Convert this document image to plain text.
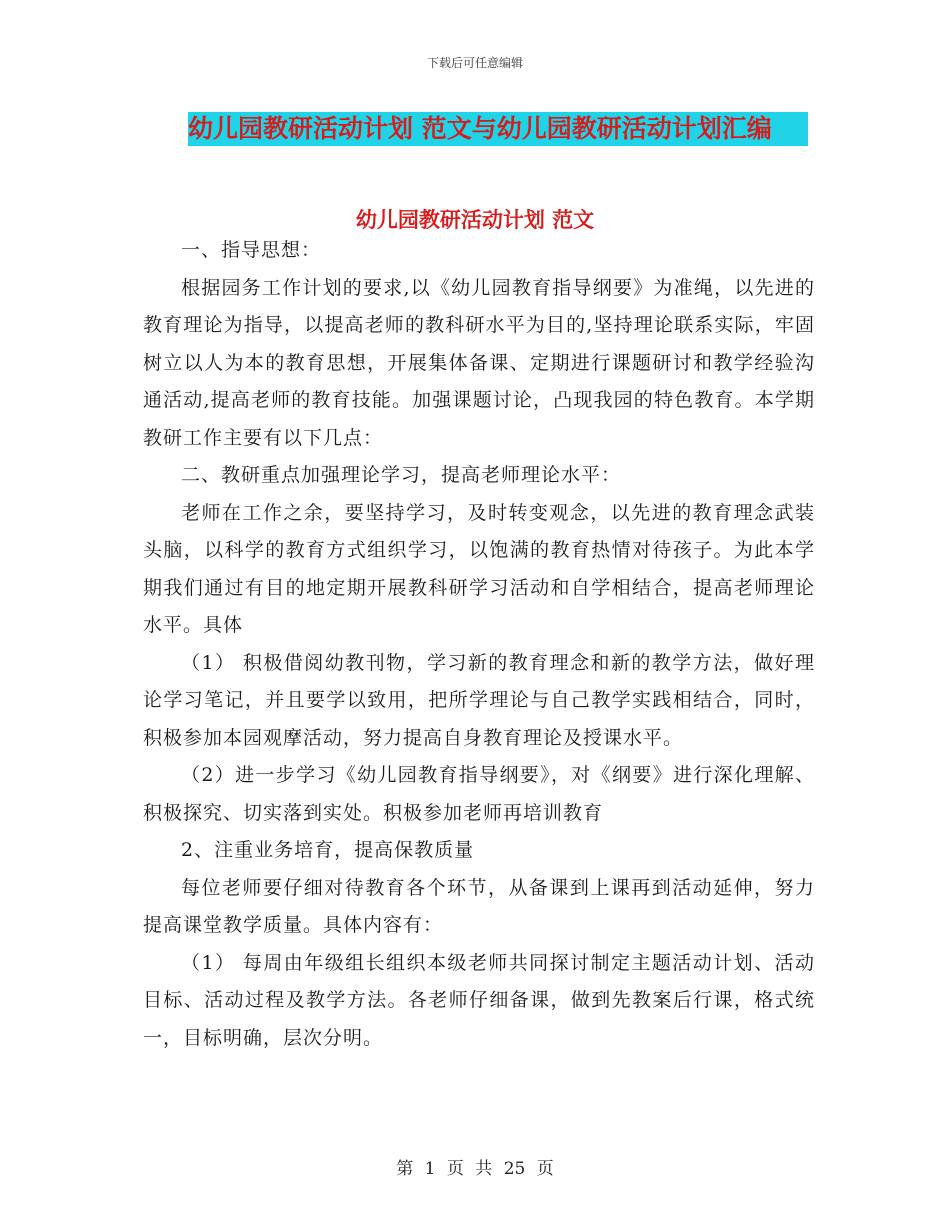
下载后可任意编辑
幼儿园教研活动计划 范文与幼儿园教研活动计划汇编
幼儿园教研活动计划 范文

一、指导思想：

根据园务工作计划的要求,以《幼儿园教育指导纲要》为准绳，以先进的教育理论为指导，以提高老师的教科研水平为目的,坚持理论联系实际，牢固树立以人为本的教育思想，开展集体备课、定期进行课题研讨和教学经验沟通活动,提高老师的教育技能。加强课题讨论，凸现我园的特色教育。本学期教研工作主要有以下几点：

二、教研重点加强理论学习，提高老师理论水平：

老师在工作之余，要坚持学习，及时转变观念，以先进的教育理念武装头脑，以科学的教育方式组织学习，以饱满的教育热情对待孩子。为此本学期我们通过有目的地定期开展教科研学习活动和自学相结合，提高老师理论水平。具体

（1） 积极借阅幼教刊物，学习新的教育理念和新的教学方法，做好理论学习笔记，并且要学以致用，把所学理论与自己教学实践相结合，同时，积极参加本园观摩活动，努力提高自身教育理论及授课水平。

（2）进一步学习《幼儿园教育指导纲要》，对《纲要》进行深化理解、积极探究、切实落到实处。积极参加老师再培训教育

2、注重业务培育，提高保教质量

每位老师要仔细对待教育各个环节，从备课到上课再到活动延伸，努力提高课堂教学质量。具体内容有：

（1） 每周由年级组长组织本级老师共同探讨制定主题活动计划、活动目标、活动过程及教学方法。各老师仔细备课，做到先教案后行课，格式统一，目标明确，层次分明。

第 1 页 共 25 页
